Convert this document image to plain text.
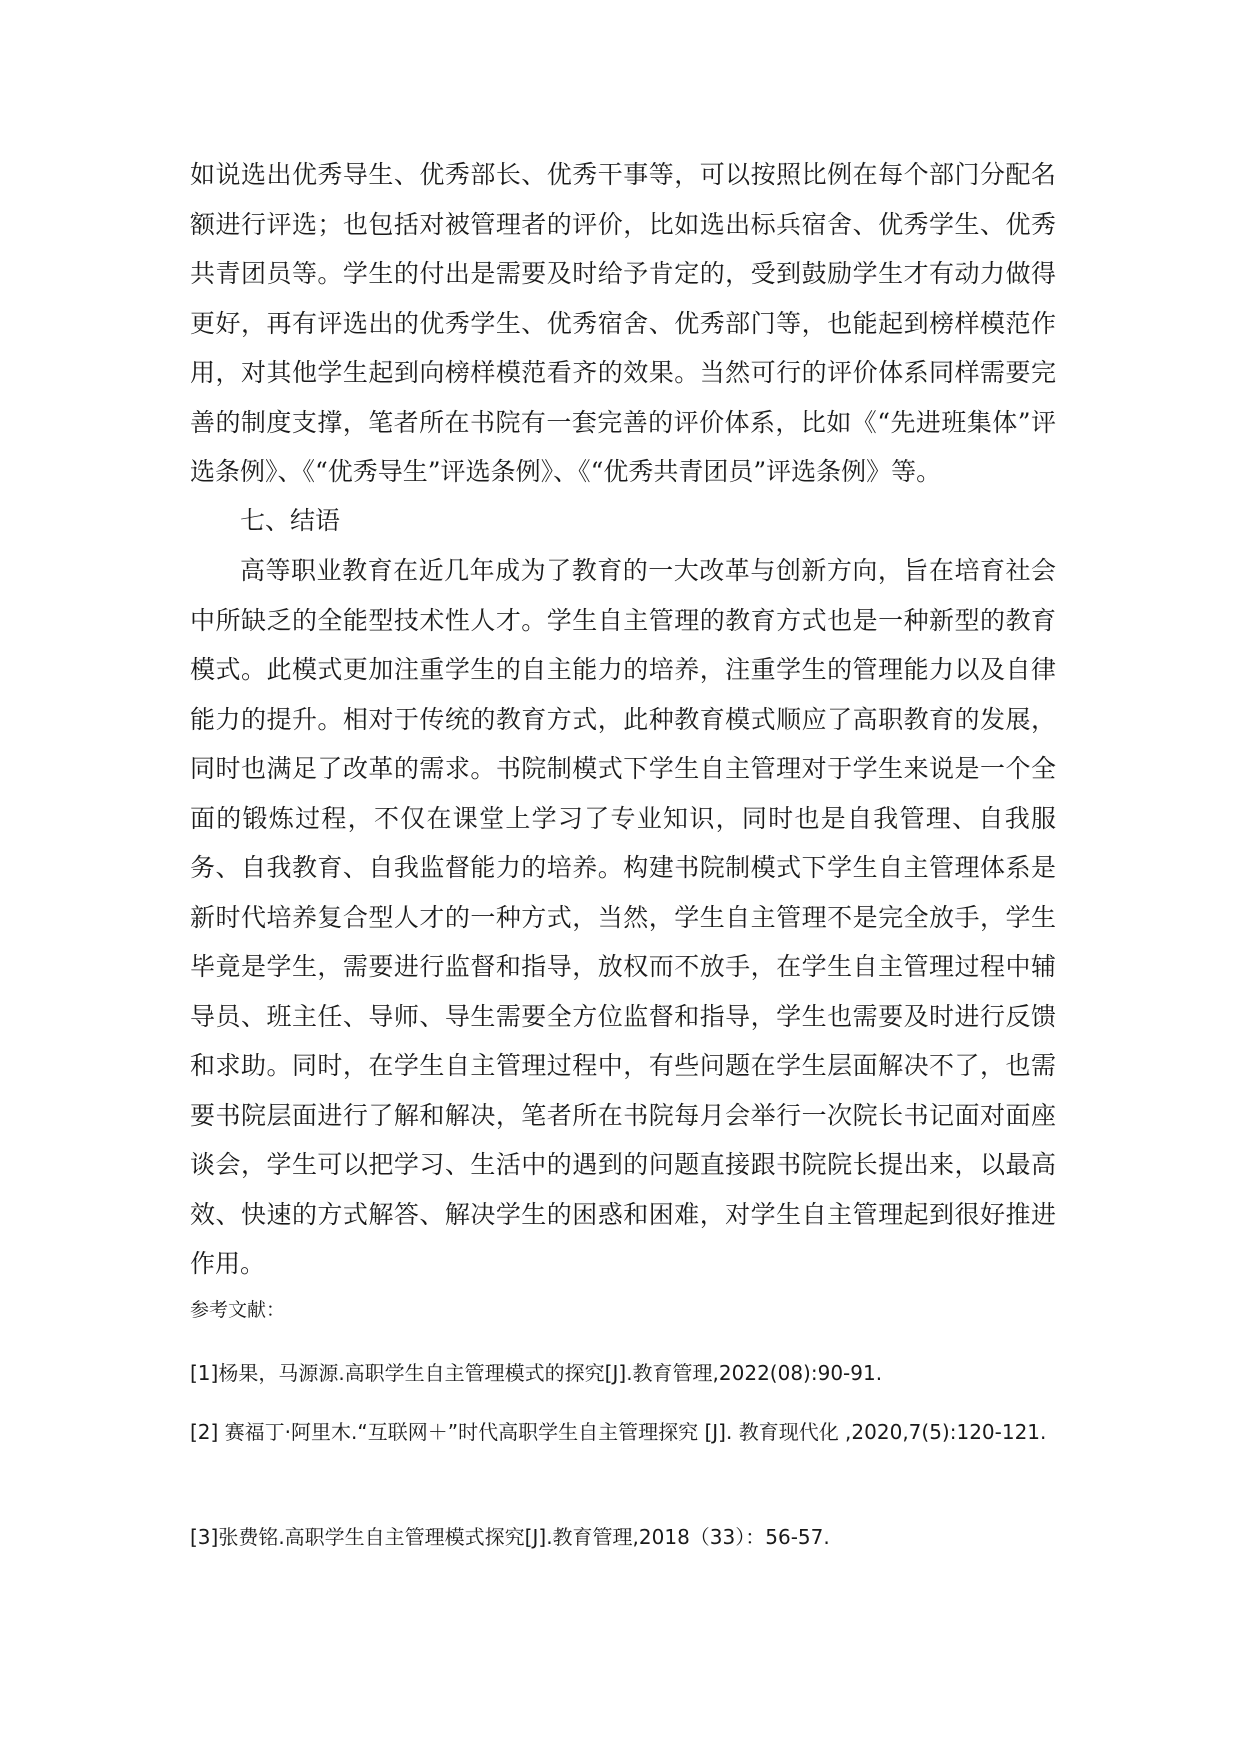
如说选出优秀导生、优秀部长、优秀干事等，可以按照比例在每个部门分配名额进行评选；也包括对被管理者的评价，比如选出标兵宿舍、优秀学生、优秀共青团员等。学生的付出是需要及时给予肯定的，受到鼓励学生才有动力做得更好，再有评选出的优秀学生、优秀宿舍、优秀部门等，也能起到榜样模范作用，对其他学生起到向榜样模范看齐的效果。当然可行的评价体系同样需要完善的制度支撑，笔者所在书院有一套完善的评价体系，比如《“先进班集体”评选条例》、《“优秀导生”评选条例》、《“优秀共青团员”评选条例》等。

七、结语

高等职业教育在近几年成为了教育的一大改革与创新方向，旨在培育社会中所缺乏的全能型技术性人才。学生自主管理的教育方式也是一种新型的教育模式。此模式更加注重学生的自主能力的培养，注重学生的管理能力以及自律能力的提升。相对于传统的教育方式，此种教育模式顺应了高职教育的发展，同时也满足了改革的需求。书院制模式下学生自主管理对于学生来说是一个全面的锻炼过程，不仅在课堂上学习了专业知识，同时也是自我管理、自我服务、自我教育、自我监督能力的培养。构建书院制模式下学生自主管理体系是新时代培养复合型人才的一种方式，当然，学生自主管理不是完全放手，学生毕竟是学生，需要进行监督和指导，放权而不放手，在学生自主管理过程中辅导员、班主任、导师、导生需要全方位监督和指导，学生也需要及时进行反馈和求助。同时，在学生自主管理过程中，有些问题在学生层面解决不了，也需要书院层面进行了解和解决，笔者所在书院每月会举行一次院长书记面对面座谈会，学生可以把学习、生活中的遇到的问题直接跟书院院长提出来，以最高效、快速的方式解答、解决学生的困惑和困难，对学生自主管理起到很好推进作用。

参考文献：

[1]杨果，马源源.高职学生自主管理模式的探究[J].教育管理,2022(08):90-91.

[2] 赛福丁·阿里木.“互联网＋”时代高职学生自主管理探究 [J]. 教育现代化 ,2020,7(5):120-121.

[3]张费铭.高职学生自主管理模式探究[J].教育管理,2018（33）：56-57.
